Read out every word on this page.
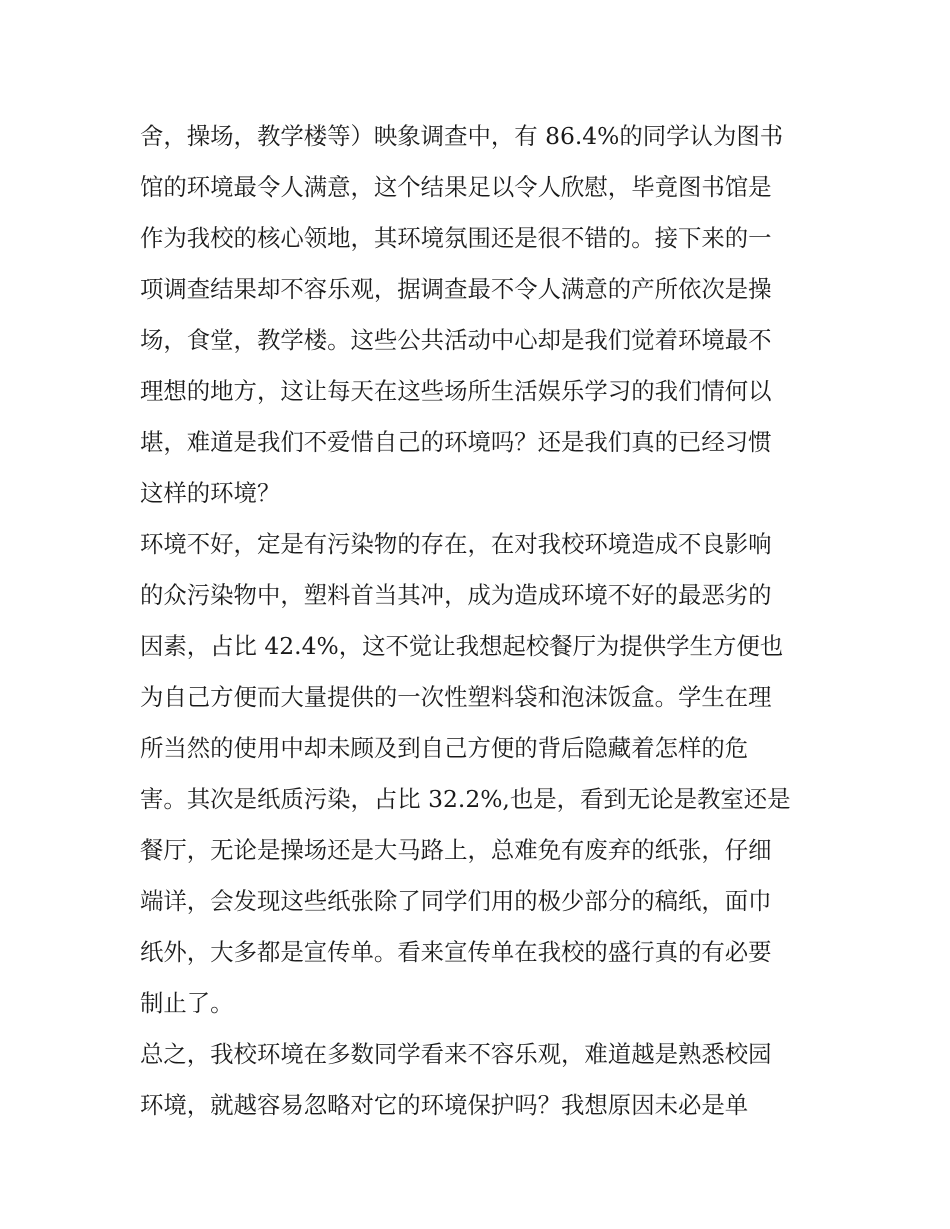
舍，操场，教学楼等）映象调查中，有 86.4%的同学认为图书
馆的环境最令人满意，这个结果足以令人欣慰，毕竟图书馆是
作为我校的核心领地，其环境氛围还是很不错的。接下来的一
项调查结果却不容乐观，据调查最不令人满意的产所依次是操
场，食堂，教学楼。这些公共活动中心却是我们觉着环境最不
理想的地方，这让每天在这些场所生活娱乐学习的我们情何以
堪，难道是我们不爱惜自己的环境吗？还是我们真的已经习惯
这样的环境？
环境不好，定是有污染物的存在，在对我校环境造成不良影响
的众污染物中，塑料首当其冲，成为造成环境不好的最恶劣的
因素，占比 42.4%，这不觉让我想起校餐厅为提供学生方便也
为自己方便而大量提供的一次性塑料袋和泡沫饭盒。学生在理
所当然的使用中却未顾及到自己方便的背后隐藏着怎样的危
害。其次是纸质污染，占比 32.2%,也是，看到无论是教室还是
餐厅，无论是操场还是大马路上，总难免有废弃的纸张，仔细
端详，会发现这些纸张除了同学们用的极少部分的稿纸，面巾
纸外，大多都是宣传单。看来宣传单在我校的盛行真的有必要
制止了。
总之，我校环境在多数同学看来不容乐观，难道越是熟悉校园
环境，就越容易忽略对它的环境保护吗？我想原因未必是单
